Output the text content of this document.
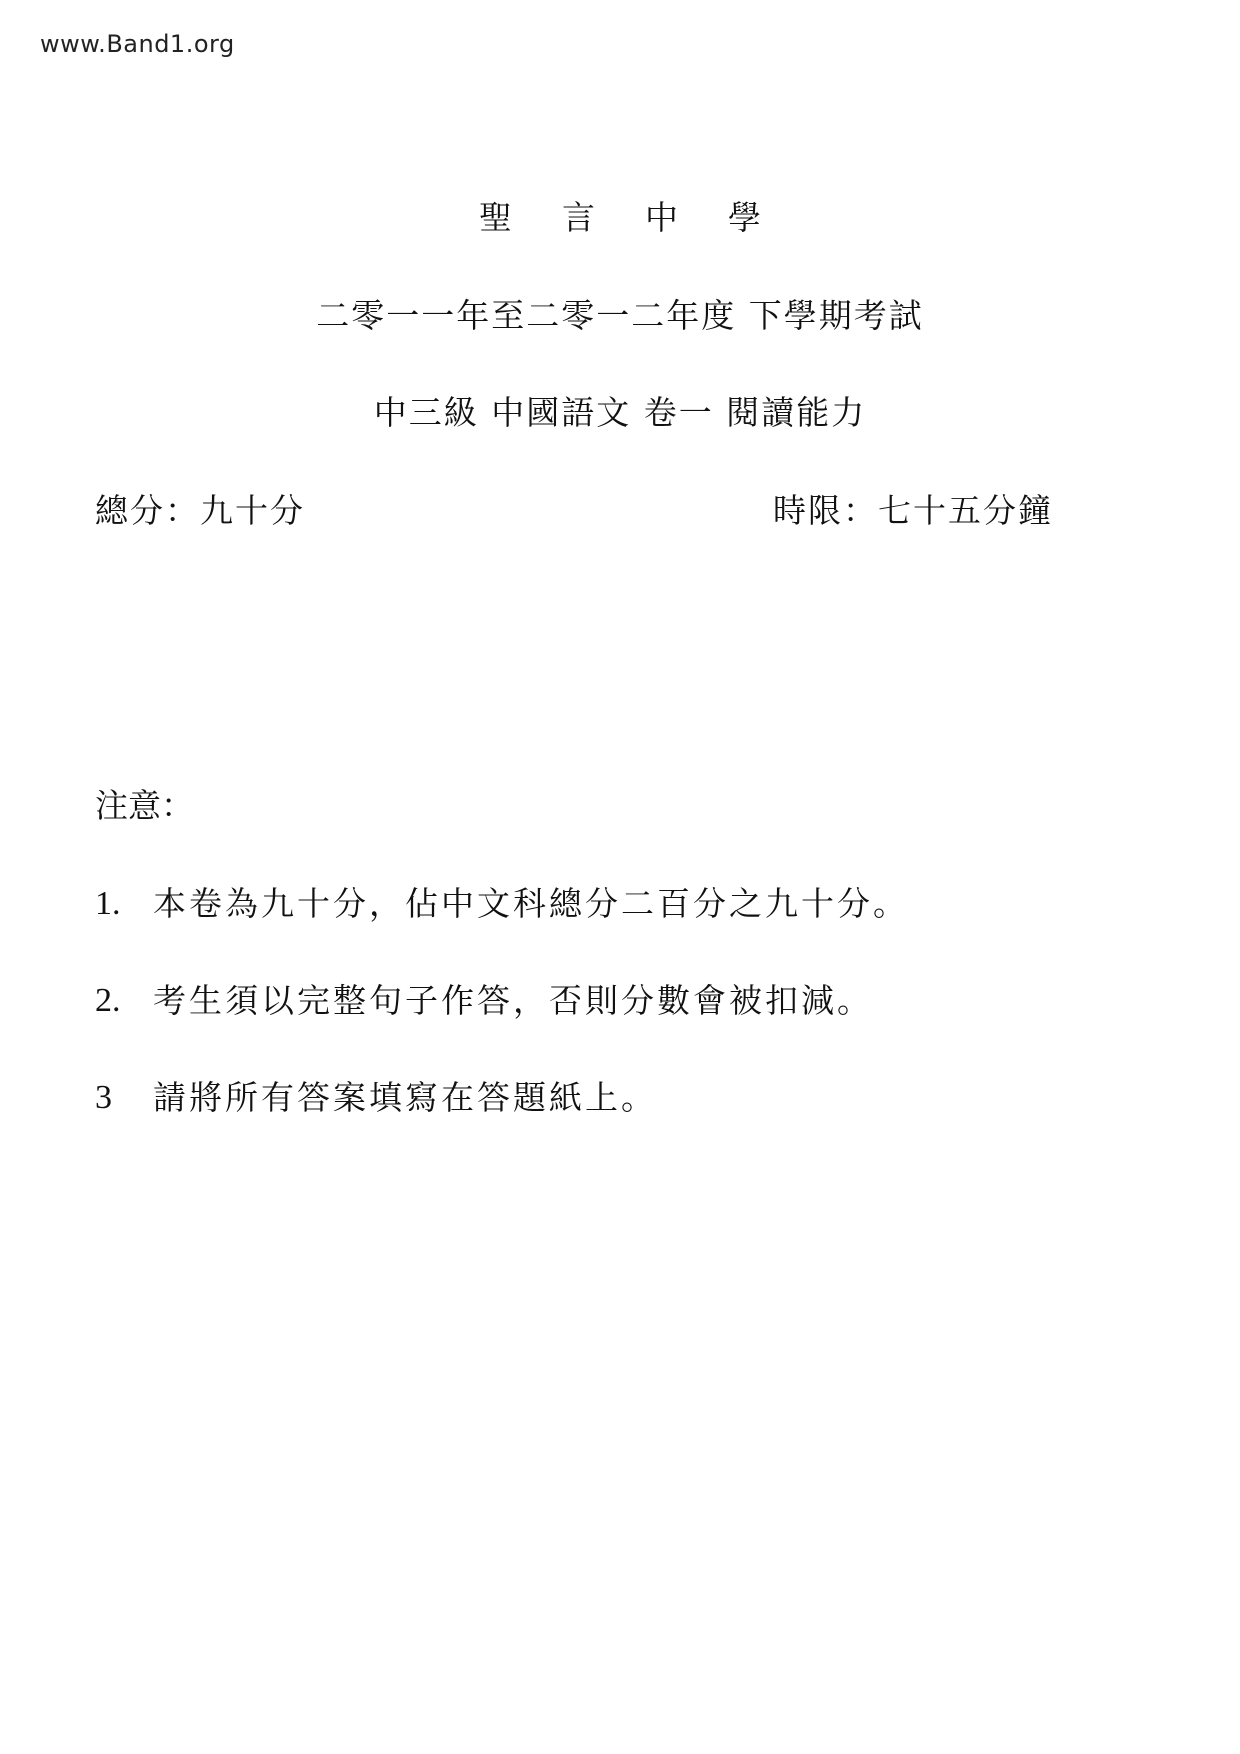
www.Band1.org
聖言中學
二零一一年至二零一二年度 下學期考試
中三級 中國語文 卷一 閱讀能力
總分：九十分	時限：七十五分鐘
注意：
1. 本卷為九十分，佔中文科總分二百分之九十分。
2. 考生須以完整句子作答，否則分數會被扣減。
3	請將所有答案填寫在答題紙上。
